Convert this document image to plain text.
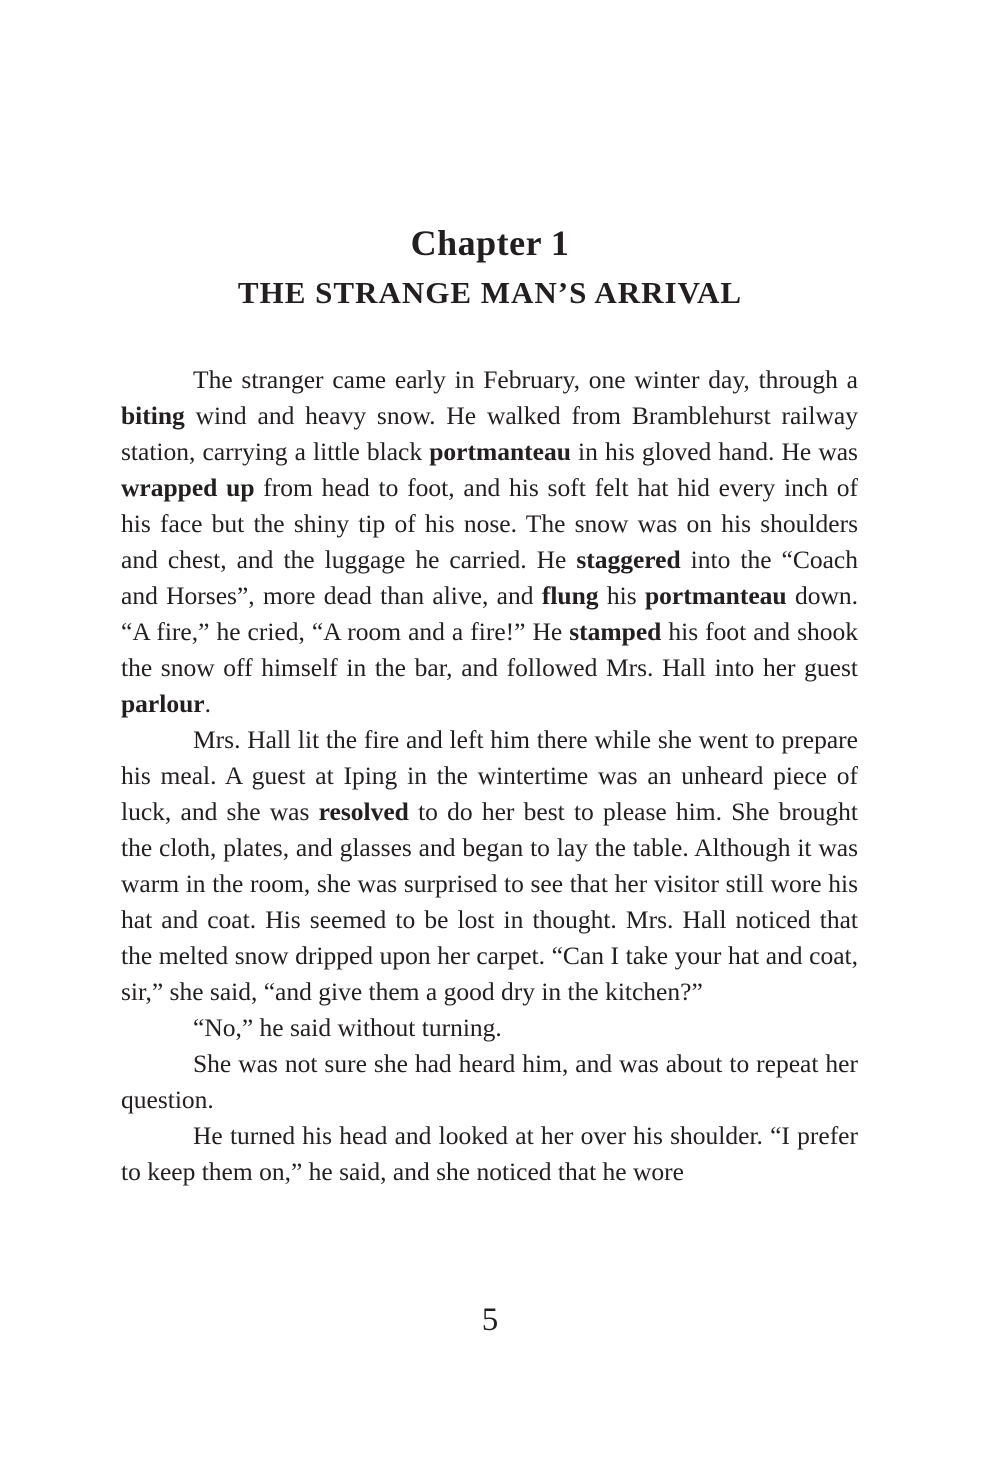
Chapter 1
THE STRANGE MAN’S ARRIVAL

The stranger came early in February, one winter day, through a biting wind and heavy snow. He walked from Bramblehurst railway station, carrying a little black portmanteau in his gloved hand. He was wrapped up from head to foot, and his soft felt hat hid every inch of his face but the shiny tip of his nose. The snow was on his shoulders and chest, and the luggage he carried. He staggered into the “Coach and Horses”, more dead than alive, and flung his portmanteau down. “A fire,” he cried, “A room and a fire!” He stamped his foot and shook the snow off himself in the bar, and followed Mrs. Hall into her guest parlour.

Mrs. Hall lit the fire and left him there while she went to prepare his meal. A guest at Iping in the wintertime was an unheard piece of luck, and she was resolved to do her best to please him. She brought the cloth, plates, and glasses and began to lay the table. Although it was warm in the room, she was surprised to see that her visitor still wore his hat and coat. His seemed to be lost in thought. Mrs. Hall noticed that the melted snow dripped upon her carpet. “Can I take your hat and coat, sir,” she said, “and give them a good dry in the kitchen?”

“No,” he said without turning.

She was not sure she had heard him, and was about to repeat her question.

He turned his head and looked at her over his shoulder. “I prefer to keep them on,” he said, and she noticed that he wore

5
